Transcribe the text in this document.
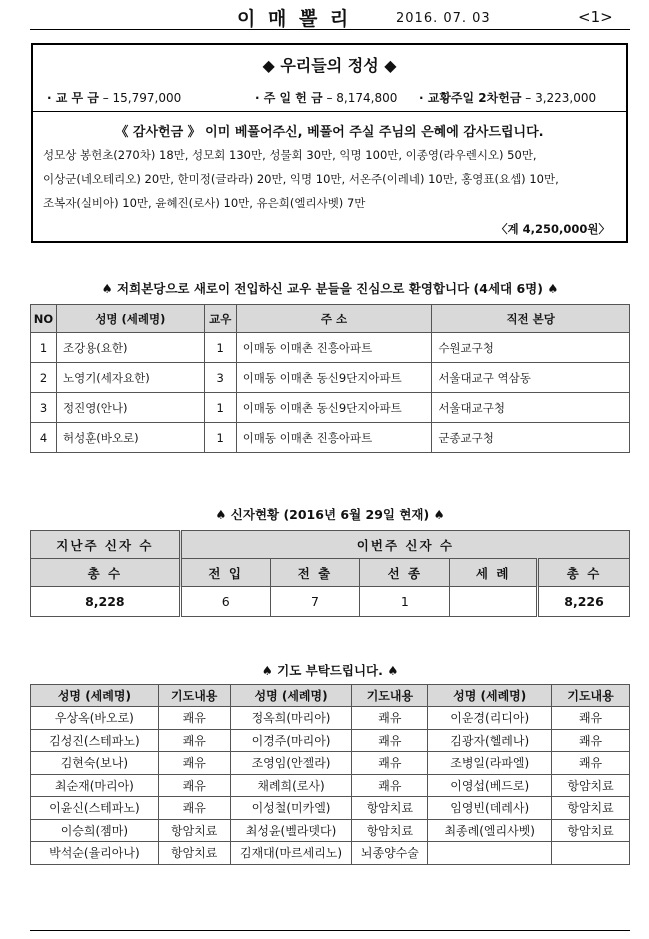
이 매 뽈 리	2016. 07. 03	<1>
◆ 우리들의 정성 ◆
· 교 무 금 – 15,797,000	· 주 일 헌 금 – 8,174,800 · 교황주일 2차헌금 – 3,223,000
《 감사헌금 》 이미 베풀어주신, 베풀어 주실 주님의 은혜에 감사드립니다.
성모상 봉헌초(270차) 18만, 성모회 130만, 성물회 30만, 익명 100만, 이종영(라우렌시오) 50만,
이상군(네오테리오) 20만, 한미정(글라라) 20만, 익명 10만, 서온주(이레네) 10만, 홍영표(요셉) 10만,
조복자(실비아) 10만, 윤혜진(로사) 10만, 유은희(엘리사벳) 7만
〈계 4,250,000원〉
♠ 저희본당으로 새로이 전입하신 교우 분들을 진심으로 환영합니다 (4세대 6명) ♠
NO	성명 (세례명)	교우	주 소	직전 본당
1	조강용(요한)	1	이매동 이매촌 진흥아파트	수원교구청
2	노영기(세자요한)	3	이매동 이매촌 동신9단지아파트	서울대교구 역삼동
3	정진영(안나)	1	이매동 이매촌 동신9단지아파트	서울대교구청
4	허성훈(바오로)	1	이매동 이매촌 진흥아파트	군종교구청
♠ 신자현황 (2016년 6월 29일 현재) ♠
지난주 신자 수	이번주 신자 수				
총 수	전 입	전 출	선 종	세 례	총 수
8,228	6	7	1		8,226
♠ 기도 부탁드립니다. ♠
성명 (세례명)	기도내용	성명 (세례명)	기도내용	성명 (세례명)	기도내용
우상옥(바오로)	쾌유	정옥희(마리아)	쾌유	이운경(리디아)	쾌유
김성진(스테파노)	쾌유	이경주(마리아)	쾌유	김광자(헬레나)	쾌유
김현숙(보나)	쾌유	조영임(안젤라)	쾌유	조병일(라파엘)	쾌유
최순재(마리아)	쾌유	채례희(로사)	쾌유	이영섭(베드로)	항암치료
이윤신(스테파노)	쾌유	이성철(미카엘)	항암치료	임영빈(데레사)	항암치료
이승희(젬마)	항암치료	최성윤(벨라뎃다)	항암치료	최종례(엘리사벳)	항암치료
박석순(율리아나)	항암치료	김재대(마르세리노)	뇌종양수술		
